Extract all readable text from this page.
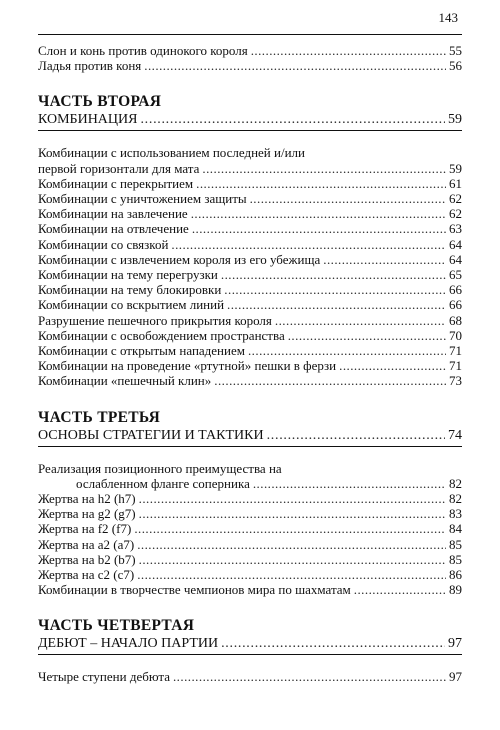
143
Слон и конь против одинокого короля . . .	55
Ладья против коня . . .	56
ЧАСТЬ ВТОРАЯ
КОМБИНАЦИЯ . . .	59
Комбинации с использованием последней и/или
первой горизонтали для мата . . .	59
Комбинации с перекрытием . . .	61
Комбинации с уничтожением защиты . . .	62
Комбинации на завлечение . . .	62
Комбинации на отвлечение . . .	63
Комбинации со связкой . . .	64
Комбинации с извлечением короля из его убежища . . .	64
Комбинации на тему перегрузки . . .	65
Комбинации на тему блокировки . . .	66
Комбинации со вскрытием линий . . .	66
Разрушение пешечного прикрытия короля . . .	68
Комбинации с освобождением пространства . . .	70
Комбинации с открытым нападением . . .	71
Комбинации на проведение «ртутной» пешки в ферзи . . .	71
Комбинации «пешечный клин» . . .	73
ЧАСТЬ ТРЕТЬЯ
ОСНОВЫ СТРАТЕГИИ И ТАКТИКИ . . .	74
Реализация позиционного преимущества на
ослабленном фланге соперника . . .	82
Жертва на h2 (h7) . . .	82
Жертва на g2 (g7) . . .	83
Жертва на f2 (f7) . . .	84
Жертва на a2 (a7) . . .	85
Жертва на b2 (b7) . . .	85
Жертва на c2 (c7) . . .	86
Комбинации в творчестве чемпионов мира по шахматам . . .	89
ЧАСТЬ ЧЕТВЕРТАЯ
ДЕБЮТ – НАЧАЛО ПАРТИИ . . .	97
Четыре ступени дебюта . . .	97
